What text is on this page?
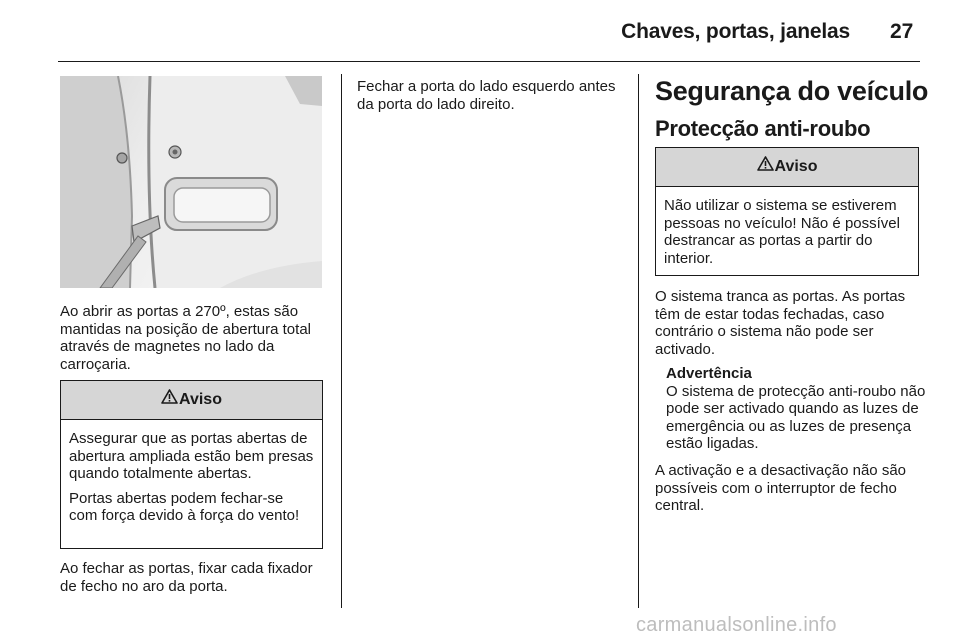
Chaves, portas, janelas 27

Ao abrir as portas a 270º, estas são mantidas na posição de abertura total através de magnetes no lado da carroçaria.

Aviso

Assegurar que as portas abertas de abertura ampliada estão bem presas quando totalmente abertas.

Portas abertas podem fechar-se com força devido à força do vento!

Ao fechar as portas, fixar cada fixador de fecho no aro da porta.

Fechar a porta do lado esquerdo antes da porta do lado direito.	Segurança do veículo
Protecção anti-roubo
Aviso

Não utilizar o sistema se estiverem pessoas no veículo! Não é possível destrancar as portas a partir do interior.

O sistema tranca as portas. As portas têm de estar todas fechadas, caso contrário o sistema não pode ser activado.

Advertência
O sistema de protecção anti-roubo não pode ser activado quando as luzes de emergência ou as luzes de presença estão ligadas.

A activação e a desactivação não são possíveis com o interruptor de fecho central.

carmanualsonline.info
